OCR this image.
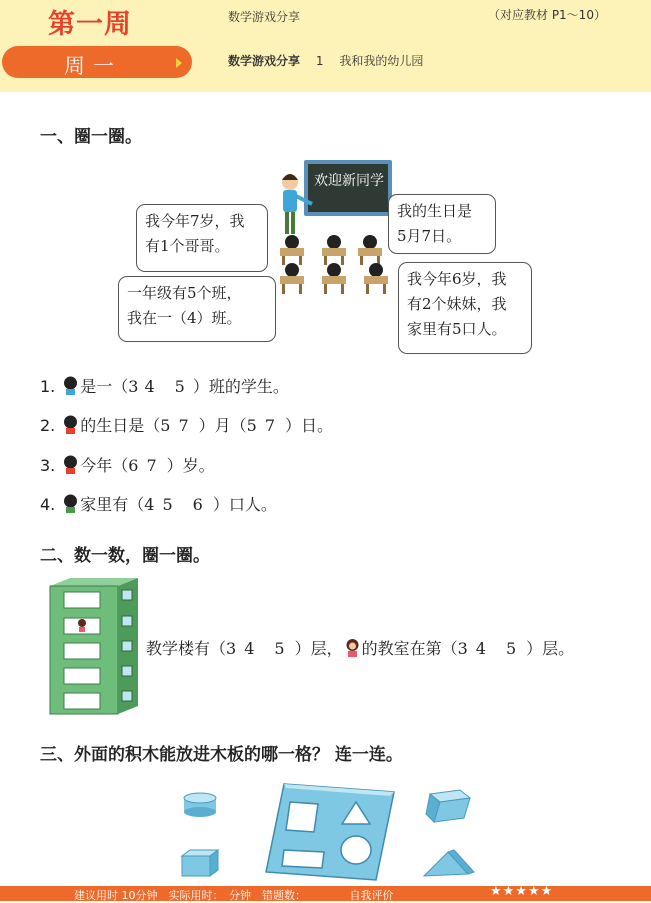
第一周	数学游戏分享	（对应教材 P1～10）
周一	数学游戏分享 1 我和我的幼儿园
一、圈一圈。
欢迎新同学
我今年7岁，我
有1个哥哥。
我的生日是
5月7日。
一年级有5个班，
我在一（4）班。
我今年6岁，我
有2个妹妹，我
家里有5口人。
1. 是一（3 4　5 ）班的学生。
2. 的生日是（5 7 ）月（5 7 ）日。
3. 今年（6 7 ）岁。
4. 家里有（4 5　6 ）口人。
二、数一数，圈一圈。
教学楼有（3 4　5 ）层， 的教室在第（3 4　5 ）层。
三、外面的积木能放进木板的哪一格？ 连一连。
建议用时 10分钟　实际用时：　分钟　错题数：	自我评价	★★★★★
